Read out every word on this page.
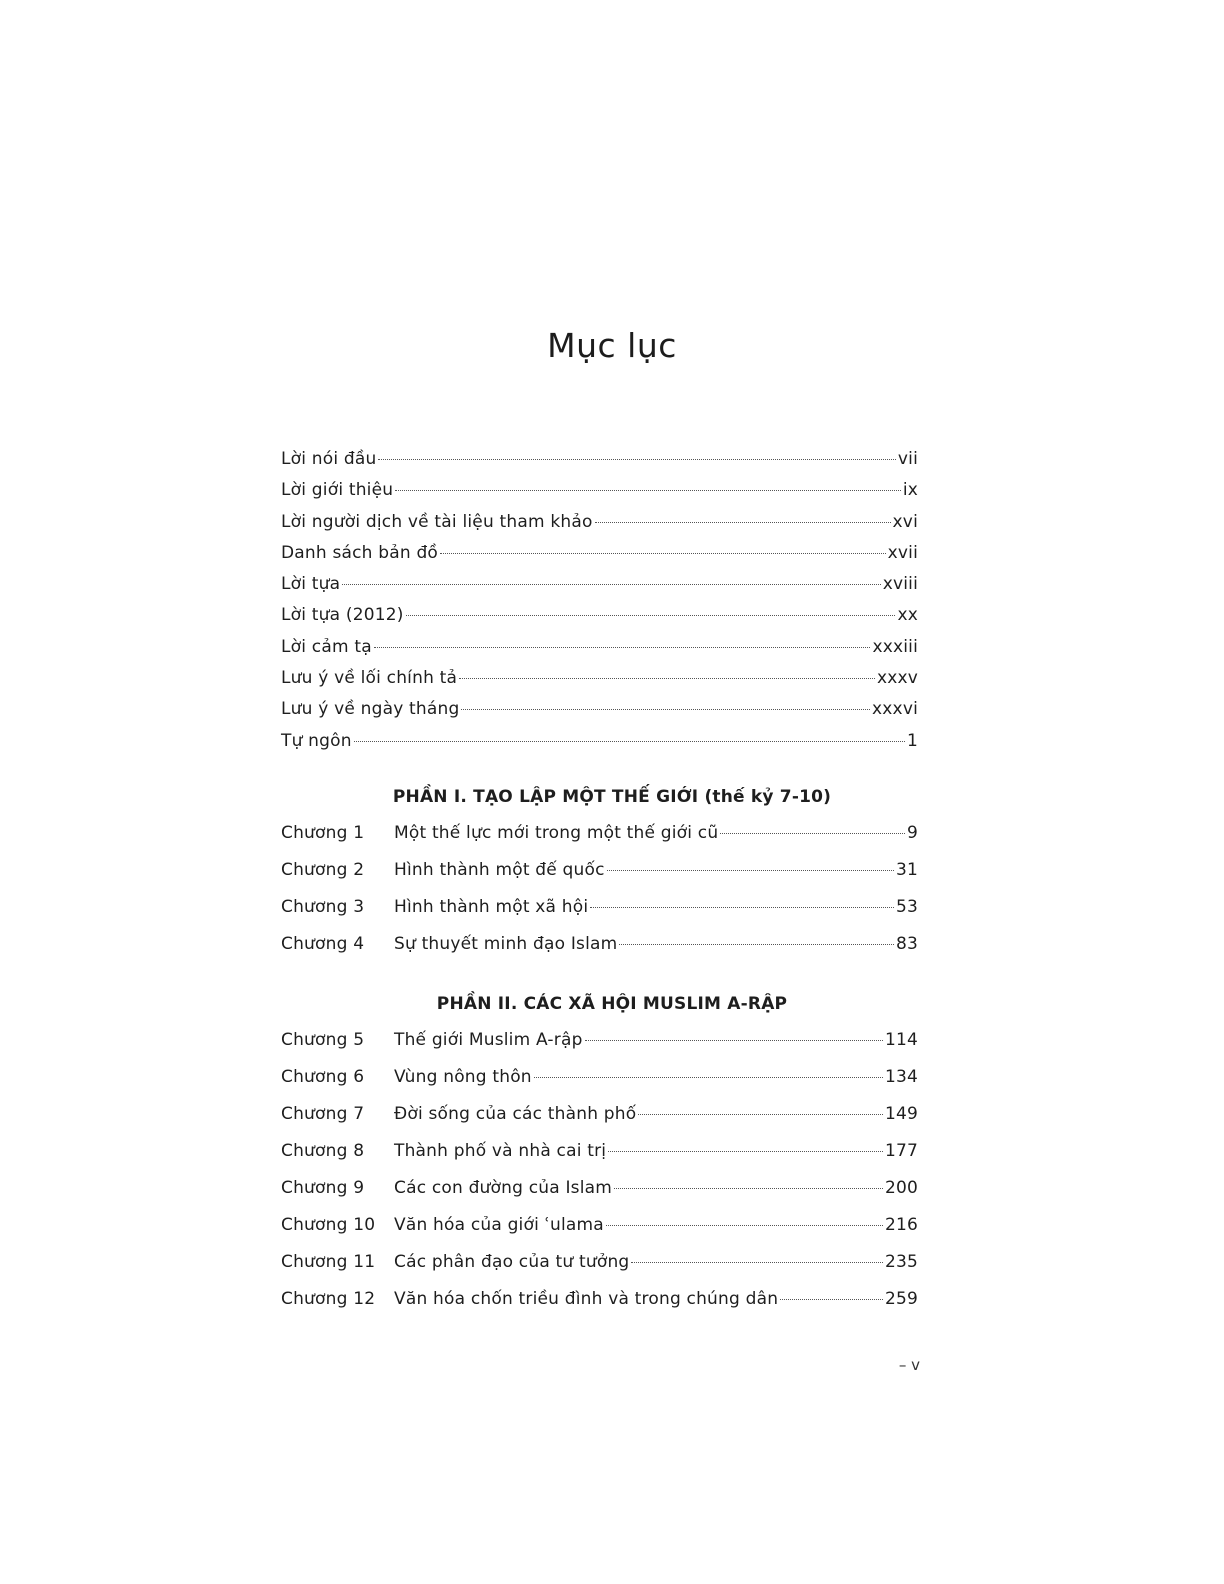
Mục lục
Lời nói đầu	vii
Lời giới thiệu	ix
Lời người dịch về tài liệu tham khảo	xvi
Danh sách bản đồ	xvii
Lời tựa	xviii
Lời tựa (2012)	xx
Lời cảm tạ	xxxiii
Lưu ý về lối chính tả	xxxv
Lưu ý về ngày tháng	xxxvi
Tự ngôn	1
PHẦN I. TẠO LẬP MỘT THẾ GIỚI (thế kỷ 7-10)
Chương 1	Một thế lực mới trong một thế giới cũ	9
Chương 2	Hình thành một đế quốc	31
Chương 3	Hình thành một xã hội	53
Chương 4	Sự thuyết minh đạo Islam	83
PHẦN II. CÁC XÃ HỘI MUSLIM A-RẬP
Chương 5	Thế giới Muslim A-rập	114
Chương 6	Vùng nông thôn	134
Chương 7	Đời sống của các thành phố	149
Chương 8	Thành phố và nhà cai trị	177
Chương 9	Các con đường của Islam	200
Chương 10	Văn hóa của giới ʿulama	216
Chương 11	Các phân đạo của tư tưởng	235
Chương 12	Văn hóa chốn triều đình và trong chúng dân	259
– v
